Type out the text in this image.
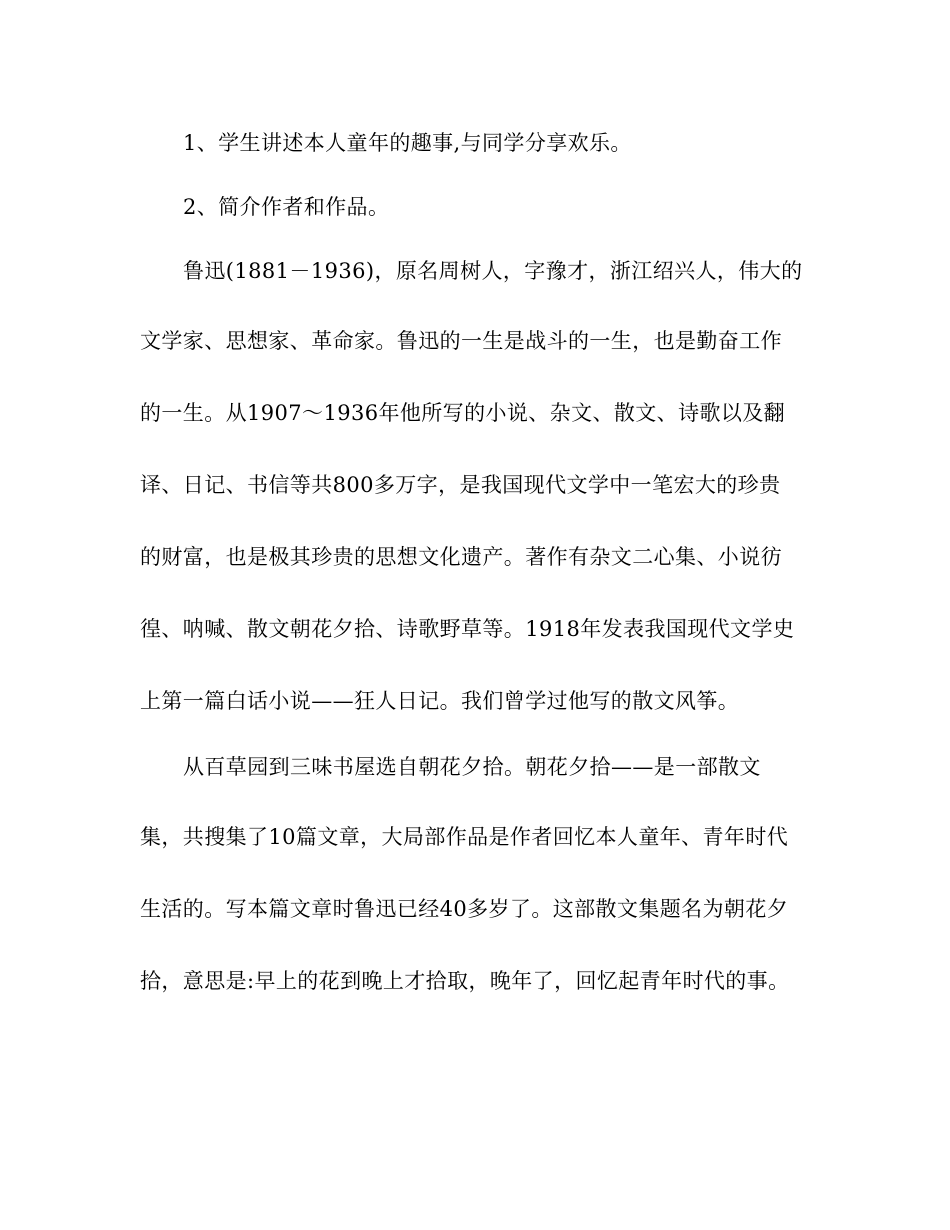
1、学生讲述本人童年的趣事,与同学分享欢乐。
2、简介作者和作品。
鲁迅(1881－1936)，原名周树人，字豫才，浙江绍兴人，伟大的
文学家、思想家、革命家。鲁迅的一生是战斗的一生，也是勤奋工作
的一生。从1907～1936年他所写的小说、杂文、散文、诗歌以及翻
译、日记、书信等共800多万字，是我国现代文学中一笔宏大的珍贵
的财富，也是极其珍贵的思想文化遗产。著作有杂文二心集、小说彷
徨、呐喊、散文朝花夕拾、诗歌野草等。1918年发表我国现代文学史
上第一篇白话小说——狂人日记。我们曾学过他写的散文风筝。
从百草园到三味书屋选自朝花夕拾。朝花夕拾——是一部散文
集，共搜集了10篇文章，大局部作品是作者回忆本人童年、青年时代
生活的。写本篇文章时鲁迅已经40多岁了。这部散文集题名为朝花夕
拾，意思是:早上的花到晚上才拾取，晚年了，回忆起青年时代的事。
